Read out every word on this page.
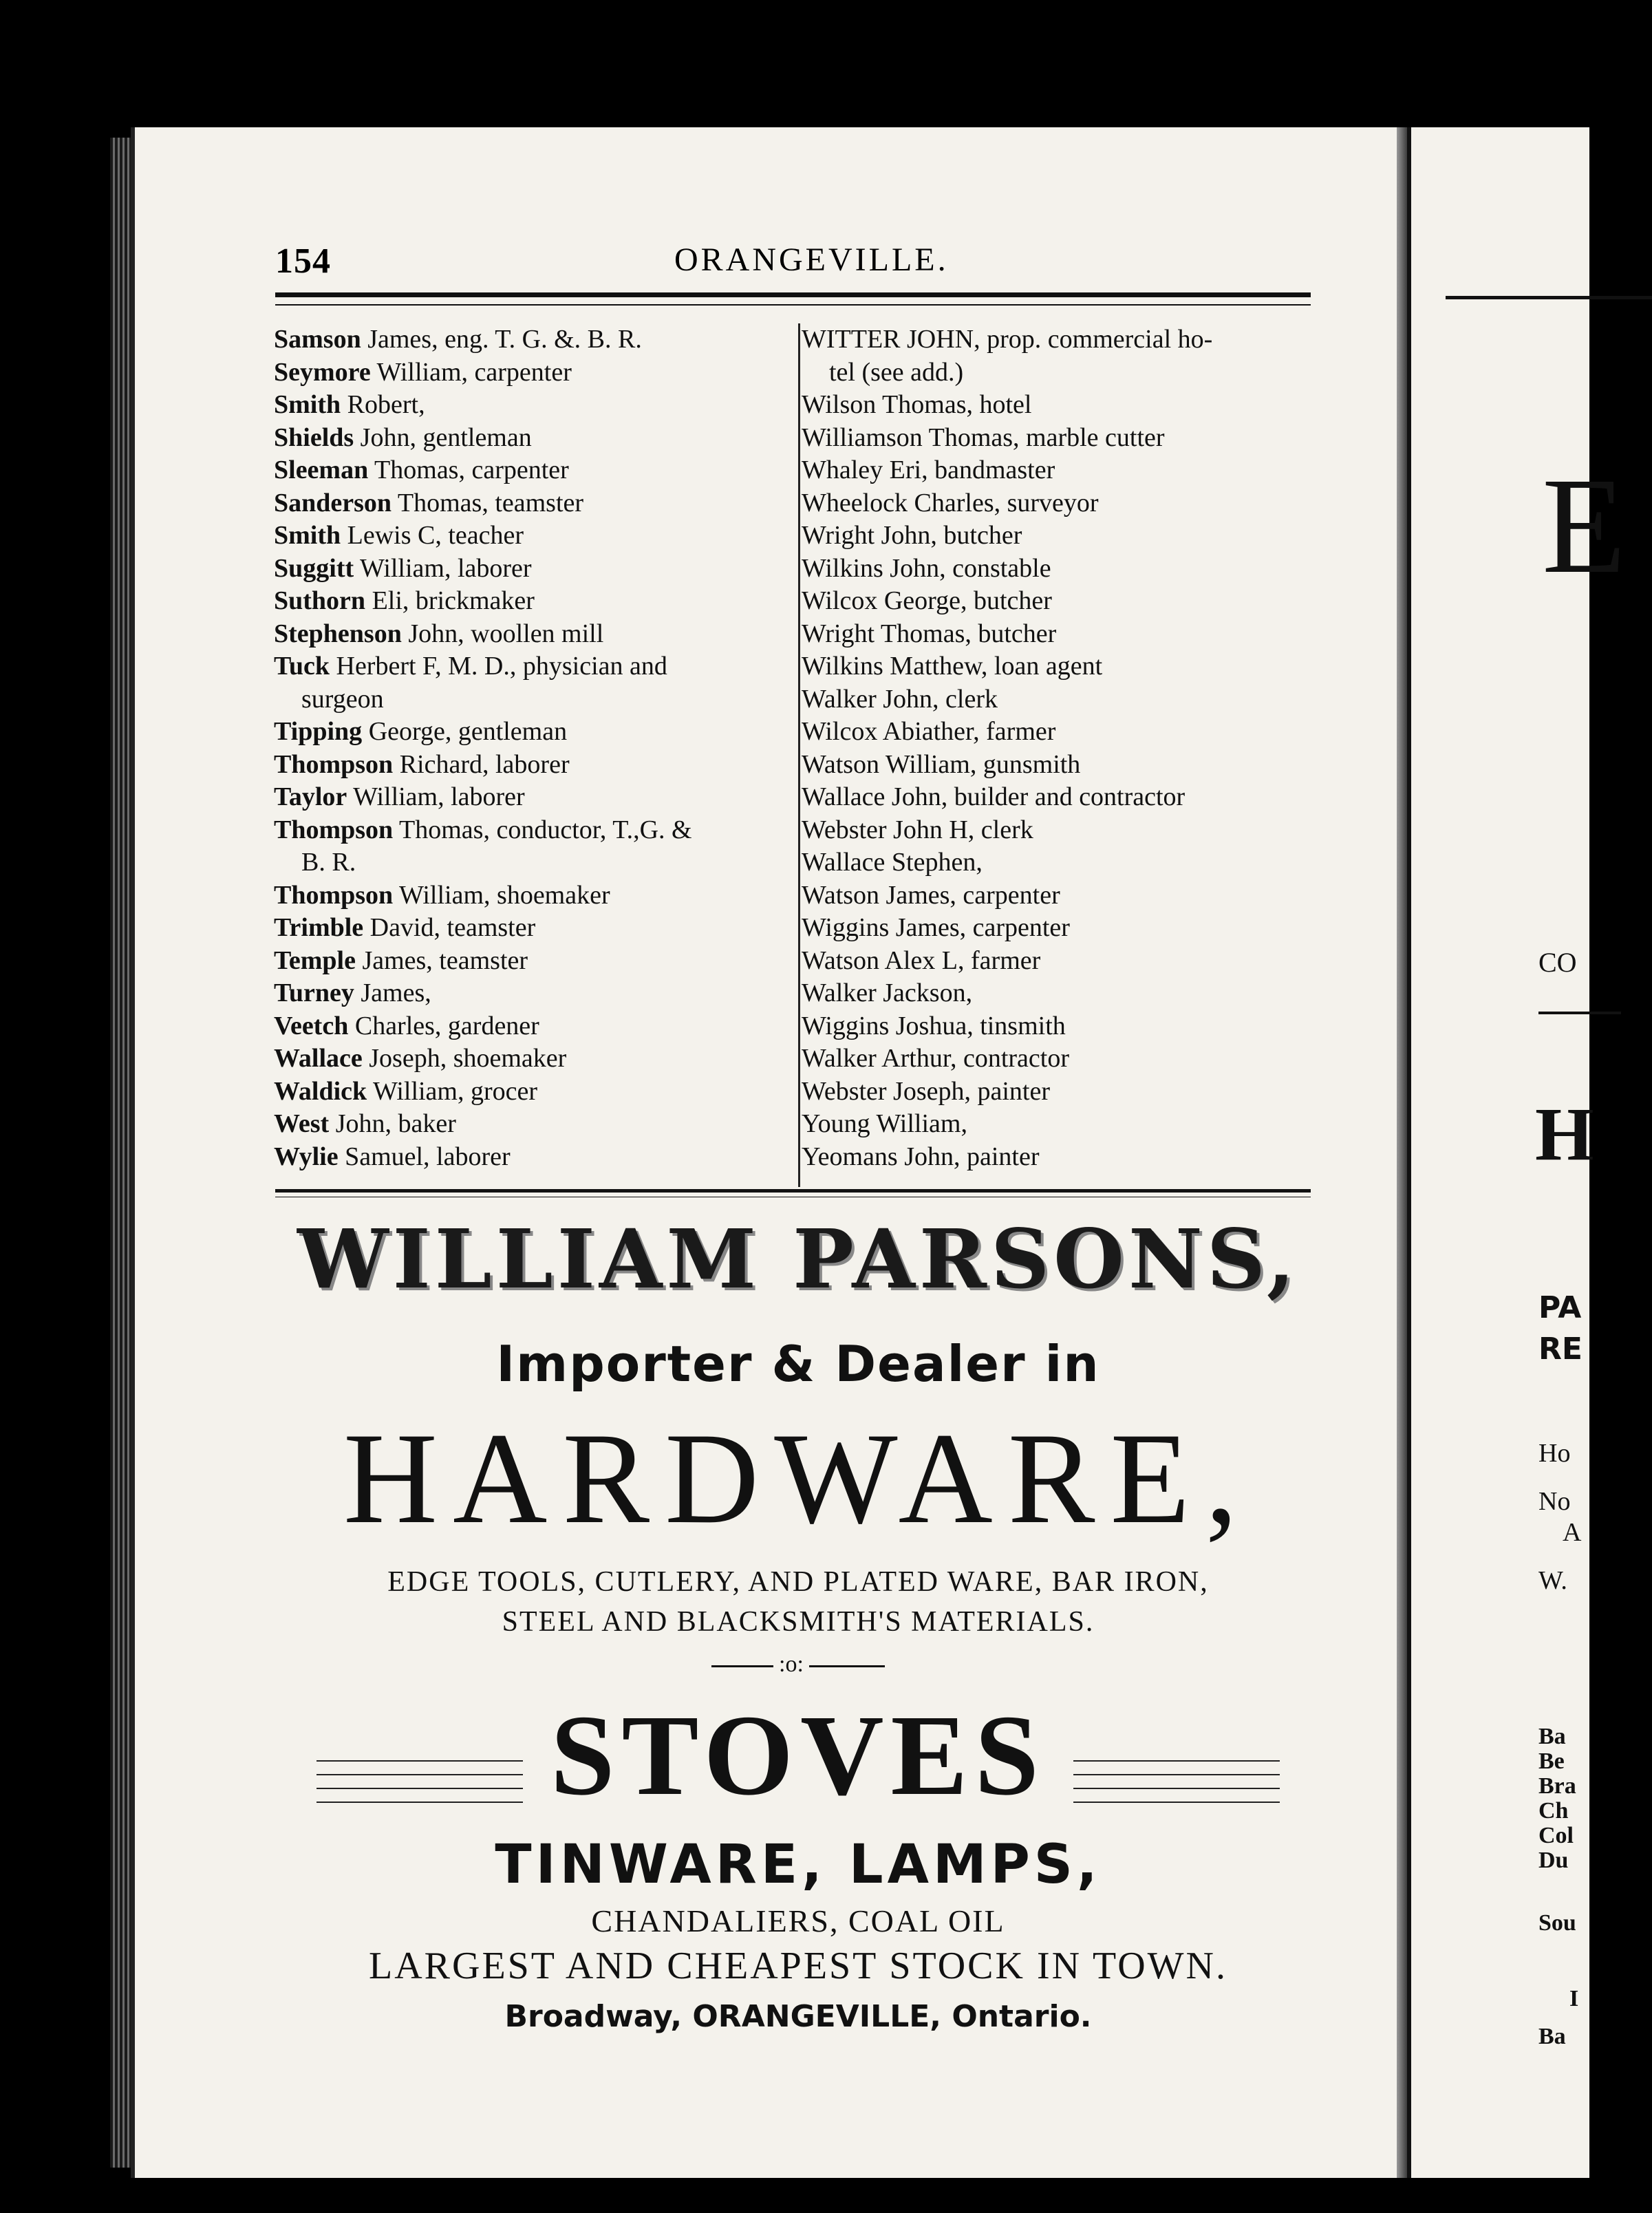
154	ORANGEVILLE.
Samson James, eng. T. G. &. B. R.
Seymore William, carpenter
Smith Robert,
Shields John, gentleman
Sleeman Thomas, carpenter
Sanderson Thomas, teamster
Smith Lewis C, teacher
Suggitt William, laborer
Suthorn Eli, brickmaker
Stephenson John, woollen mill
Tuck Herbert F, M. D., physician and
surgeon
Tipping George, gentleman
Thompson Richard, laborer
Taylor William, laborer
Thompson Thomas, conductor, T.,G. &
B. R.
Thompson William, shoemaker
Trimble David, teamster
Temple James, teamster
Turney James,
Veetch Charles, gardener
Wallace Joseph, shoemaker
Waldick William, grocer
West John, baker
Wylie Samuel, laborer
WITTER JOHN, prop. commercial ho-
tel (see add.)
Wilson Thomas, hotel
Williamson Thomas, marble cutter
Whaley Eri, bandmaster
Wheelock Charles, surveyor
Wright John, butcher
Wilkins John, constable
Wilcox George, butcher
Wright Thomas, butcher
Wilkins Matthew, loan agent
Walker John, clerk
Wilcox Abiather, farmer
Watson William, gunsmith
Wallace John, builder and contractor
Webster John H, clerk
Wallace Stephen,
Watson James, carpenter
Wiggins James, carpenter
Watson Alex L, farmer
Walker Jackson,
Wiggins Joshua, tinsmith
Walker Arthur, contractor
Webster Joseph, painter
Young William,
Yeomans John, painter
WILLIAM PARSONS,
Importer & Dealer in
HARDWARE,
EDGE TOOLS, CUTLERY, AND PLATED WARE, BAR IRON,
STEEL AND BLACKSMITH'S MATERIALS.
:o:
STOVES
TINWARE, LAMPS,
CHANDALIERS, COAL OIL
LARGEST AND CHEAPEST STOCK IN TOWN.
Broadway, ORANGEVILLE, Ontario.
E
CO
H
PA
RE
Ho
No
A
W.
Ba
Be
Bra
Ch
Col
Du
Sou
I
Ba
